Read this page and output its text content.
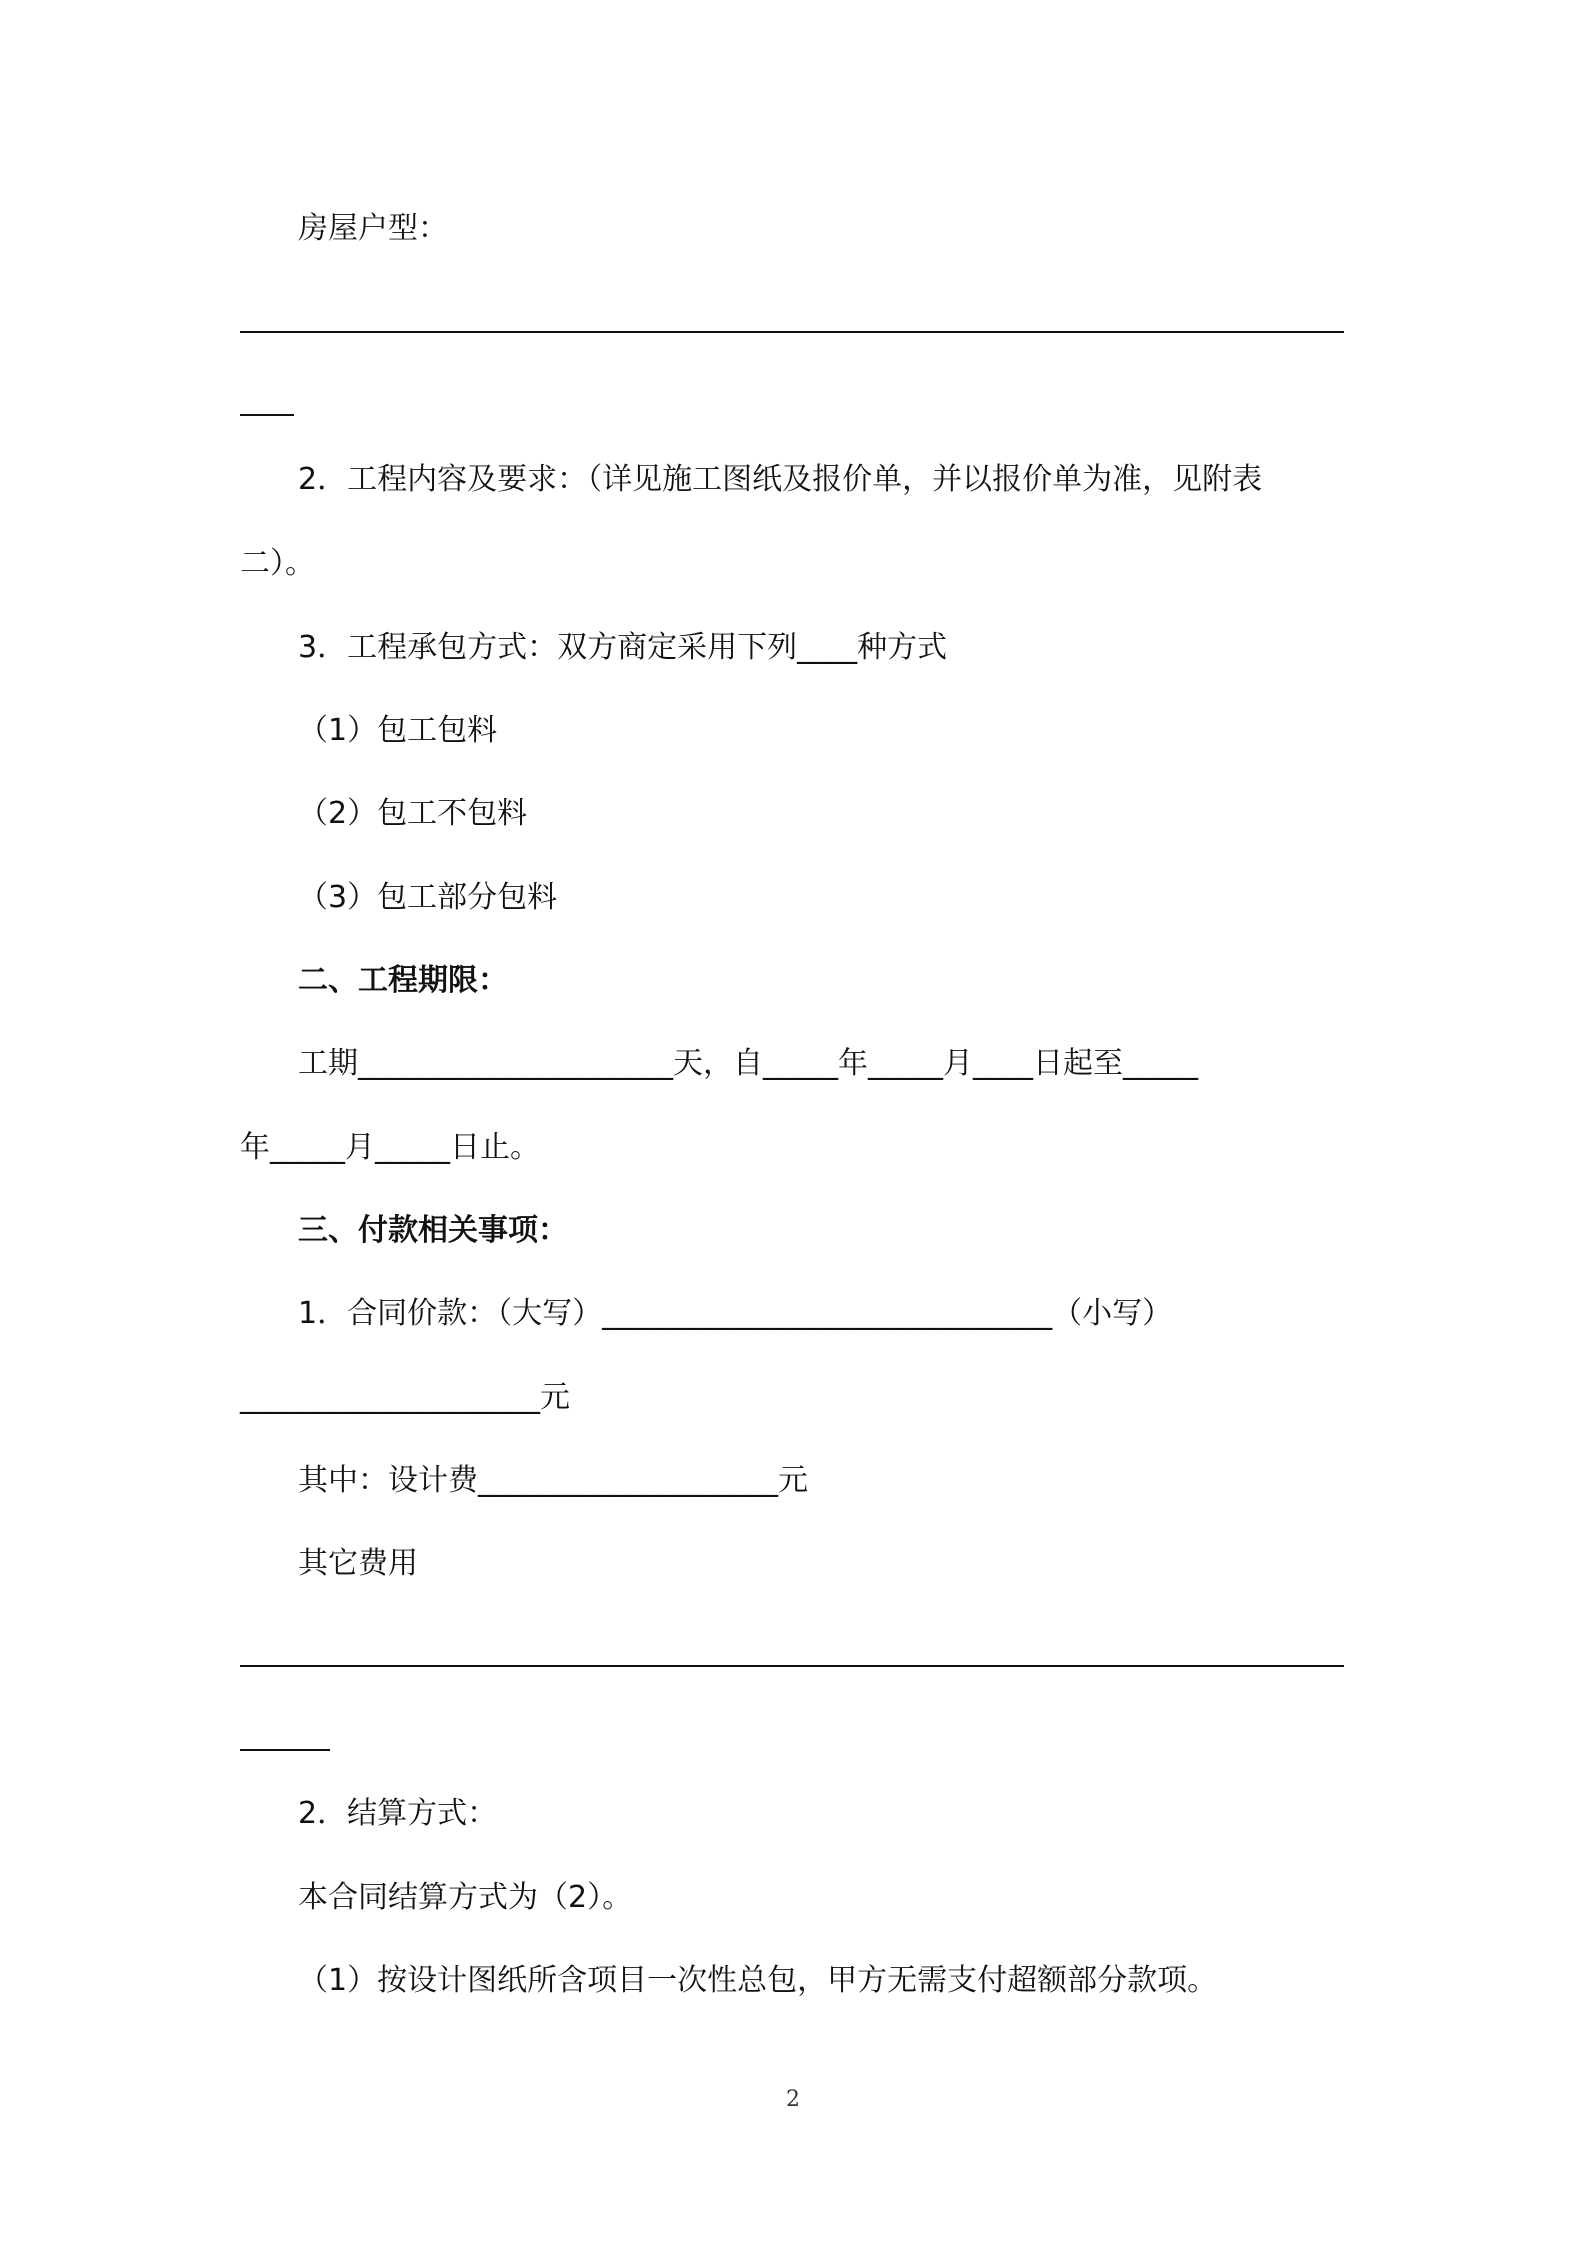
房屋户型：
2．工程内容及要求：（详见施工图纸及报价单，并以报价单为准，见附表
二）。
3．工程承包方式：双方商定采用下列____种方式
（1）包工包料
（2）包工不包料
（3）包工部分包料
二、工程期限：
工期_____________________天，自_____年_____月____日起至_____
年_____月_____日止。
三、付款相关事项：
1．合同价款：（大写）______________________________（小写）
____________________元
其中：设计费____________________元
其它费用
2．结算方式：
本合同结算方式为（2）。
（1）按设计图纸所含项目一次性总包，甲方无需支付超额部分款项。
2
